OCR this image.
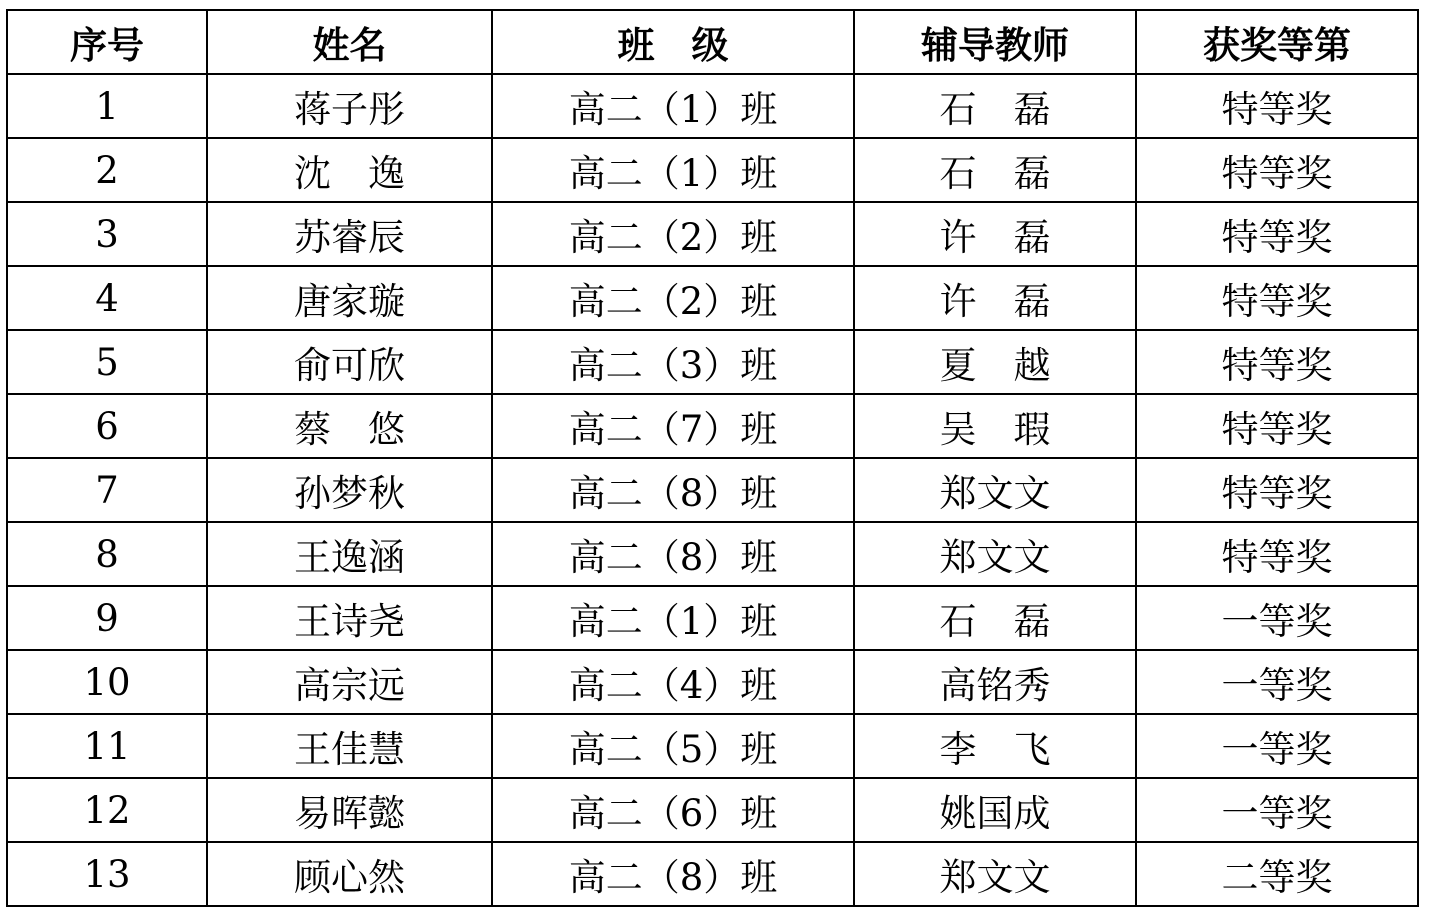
序号	姓名	班　级	辅导教师	获奖等第
1	蒋子彤	高二（1）班	石　磊	特等奖
2	沈　逸	高二（1）班	石　磊	特等奖
3	苏睿辰	高二（2）班	许　磊	特等奖
4	唐家璇	高二（2）班	许　磊	特等奖
5	俞可欣	高二（3）班	夏　越	特等奖
6	蔡　悠	高二（7）班	吴　瑕	特等奖
7	孙梦秋	高二（8）班	郑文文	特等奖
8	王逸涵	高二（8）班	郑文文	特等奖
9	王诗尧	高二（1）班	石　磊	一等奖
10	高宗远	高二（4）班	高铭秀	一等奖
11	王佳慧	高二（5）班	李　飞	一等奖
12	易晖懿	高二（6）班	姚国成	一等奖
13	顾心然	高二（8）班	郑文文	二等奖
